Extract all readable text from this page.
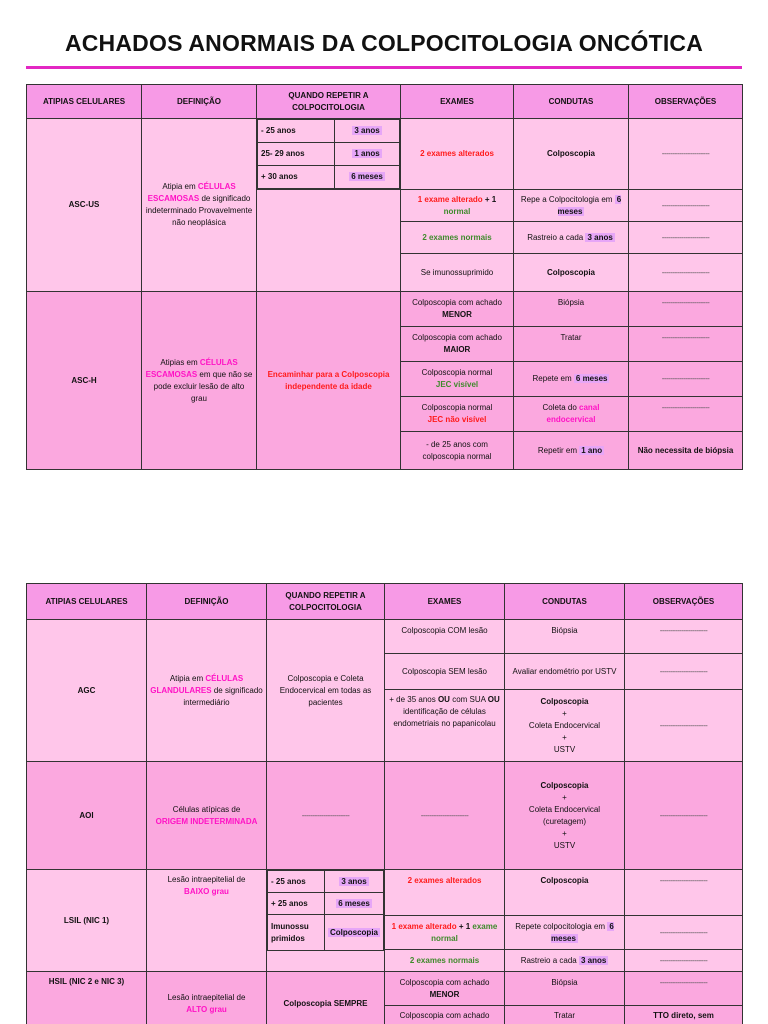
ACHADOS ANORMAIS DA COLPOCITOLOGIA ONCÓTICA
ATIPIAS CELULARES	DEFINIÇÃO	QUANDO REPETIR A COLPOCITOLOGIA	EXAMES	CONDUTAS	OBSERVAÇÕES
ASC-US	Atipia em CÉLULAS ESCAMOSAS de significado indeterminado Provavelmente não neoplásica	
- 25 anos	3 anos
25- 29 anos	1 anos
+ 30 anos	6 meses
	2 exames alterados	Colposcopia	----------------------
	1 exame alterado + 1 normal	Repe a Colpocitologia em 6 meses	----------------------
2 exames normais	Rastreio a cada 3 anos	----------------------
Se imunossuprimido	Colposcopia	----------------------
ASC-H	Atipias em CÉLULAS ESCAMOSAS em que não se pode excluir lesão de alto grau	Encaminhar para a Colposcopia independente da idade	Colposcopia com achado MENOR	Biópsia	----------------------
Colposcopia com achado MAIOR	Tratar	----------------------
Colposcopia normal
JEC visível	Repete em 6 meses	----------------------
Colposcopia normal
JEC não visível	Coleta do canal endocervical	----------------------
- de 25 anos com colposcopia normal	Repetir em 1 ano	Não necessita de biópsia
ATIPIAS CELULARES	DEFINIÇÃO	QUANDO REPETIR A COLPOCITOLOGIA	EXAMES	CONDUTAS	OBSERVAÇÕES
AGC	Atipia em CÉLULAS GLANDULARES de significado intermediário	Colposcopia e Coleta Endocervical em todas as pacientes	Colposcopia COM lesão	Biópsia	----------------------
Colposcopia SEM lesão	Avaliar endométrio por USTV	----------------------
+ de 35 anos OU com SUA OU identificação de células endometriais no papanicolau	Colposcopia
+
Coleta Endocervical
+
USTV	----------------------
AOI	Células atípicas de
ORIGEM INDETERMINADA	----------------------	----------------------	Colposcopia
+
Coleta Endocervical (curetagem)
+
USTV	----------------------
LSIL (NIC 1)	Lesão intraepitelial de
BAIXO grau	
- 25 anos	3 anos
+ 25 anos	6 meses
Imunossu primidos	Colposcopia
	2 exames alterados	Colposcopia	----------------------
1 exame alterado + 1 exame normal	Repete colpocitologia em 6 meses	----------------------
2 exames normais	Rastreio a cada 3 anos	----------------------
HSIL (NIC 2 e NIC 3)	Lesão intraepitelial de
ALTO grau	Colposcopia SEMPRE	Colposcopia com achado
MENOR	Biópsia	----------------------
Colposcopia com achado	Tratar	TTO direto, sem
